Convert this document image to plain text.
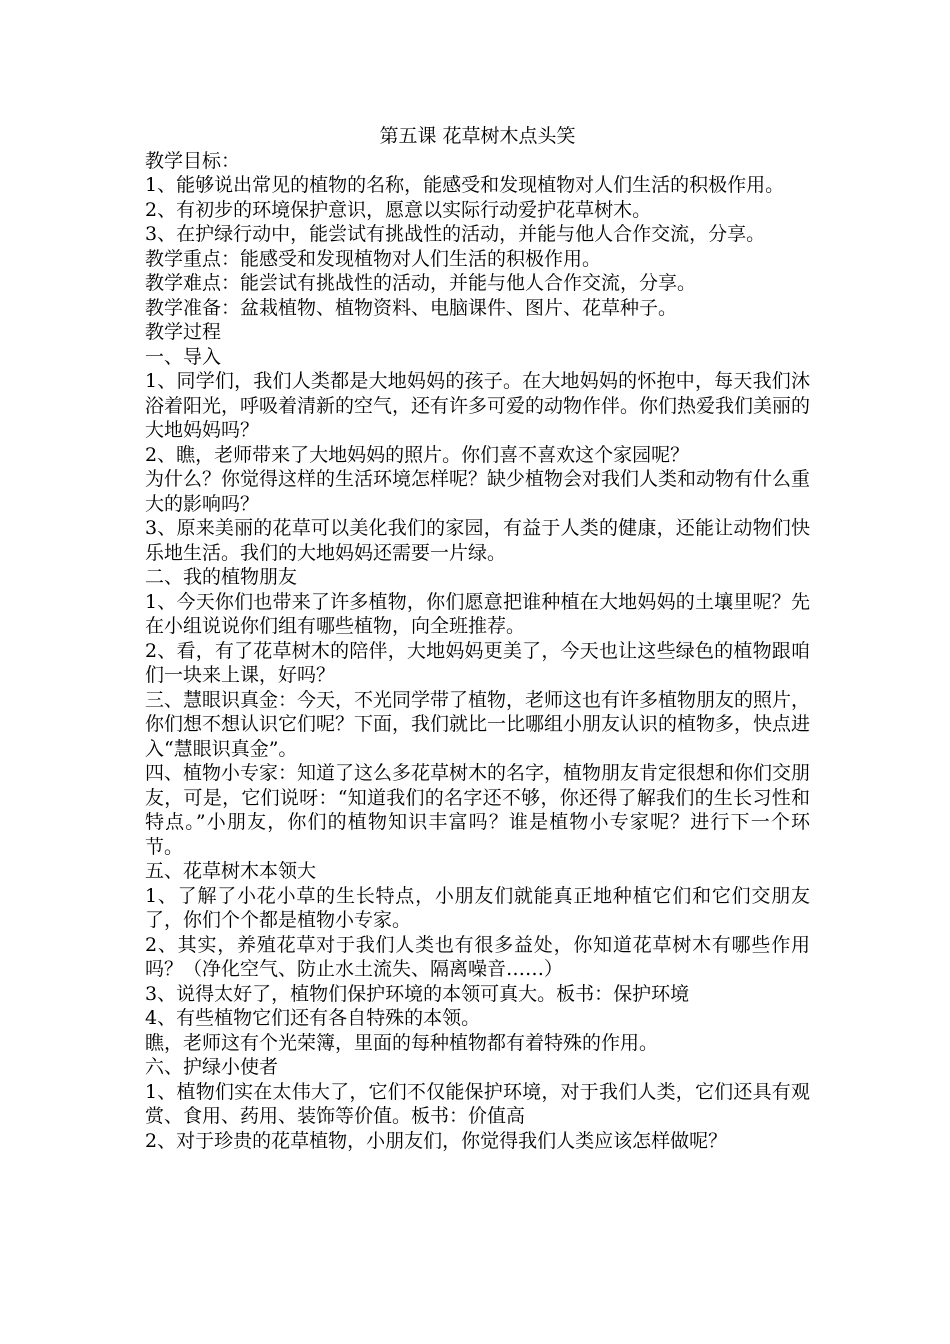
第五课 花草树木点头笑

教学目标：

1、能够说出常见的植物的名称，能感受和发现植物对人们生活的积极作用。

2、有初步的环境保护意识，愿意以实际行动爱护花草树木。

3、在护绿行动中，能尝试有挑战性的活动，并能与他人合作交流，分享。

教学重点：能感受和发现植物对人们生活的积极作用。

教学难点：能尝试有挑战性的活动，并能与他人合作交流，分享。

教学准备：盆栽植物、植物资料、电脑课件、图片、花草种子。

教学过程

一、导入

1、同学们，我们人类都是大地妈妈的孩子。在大地妈妈的怀抱中，每天我们沐浴着阳光，呼吸着清新的空气，还有许多可爱的动物作伴。你们热爱我们美丽的大地妈妈吗？

2、瞧，老师带来了大地妈妈的照片。你们喜不喜欢这个家园呢？

为什么？你觉得这样的生活环境怎样呢？缺少植物会对我们人类和动物有什么重大的影响吗？

3、原来美丽的花草可以美化我们的家园，有益于人类的健康，还能让动物们快乐地生活。我们的大地妈妈还需要一片绿。

二、我的植物朋友

1、今天你们也带来了许多植物，你们愿意把谁种植在大地妈妈的土壤里呢？先在小组说说你们组有哪些植物，向全班推荐。

2、看，有了花草树木的陪伴，大地妈妈更美了，今天也让这些绿色的植物跟咱们一块来上课，好吗？

三、慧眼识真金：今天，不光同学带了植物，老师这也有许多植物朋友的照片，你们想不想认识它们呢？下面，我们就比一比哪组小朋友认识的植物多，快点进入“慧眼识真金”。

四、植物小专家：知道了这么多花草树木的名字，植物朋友肯定很想和你们交朋友，可是，它们说呀：“知道我们的名字还不够，你还得了解我们的生长习性和特点。”小朋友，你们的植物知识丰富吗？谁是植物小专家呢？进行下一个环节。

五、花草树木本领大

1、了解了小花小草的生长特点，小朋友们就能真正地种植它们和它们交朋友了，你们个个都是植物小专家。

2、其实，养殖花草对于我们人类也有很多益处，你知道花草树木有哪些作用吗？（净化空气、防止水土流失、隔离噪音……）

3、说得太好了，植物们保护环境的本领可真大。板书：保护环境

4、有些植物它们还有各自特殊的本领。

瞧，老师这有个光荣簿，里面的每种植物都有着特殊的作用。

六、护绿小使者

1、植物们实在太伟大了，它们不仅能保护环境，对于我们人类，它们还具有观赏、食用、药用、装饰等价值。板书：价值高

2、对于珍贵的花草植物，小朋友们，你觉得我们人类应该怎样做呢？
